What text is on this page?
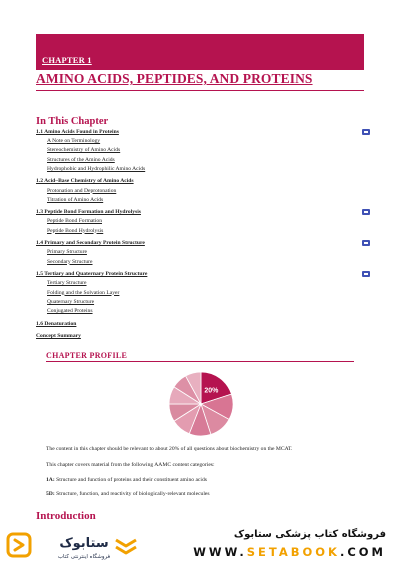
CHAPTER 1
AMINO ACIDS, PEPTIDES, AND PROTEINS
In This Chapter
1.1 Amino Acids Found in Proteins
A Note on Terminology
Stereochemistry of Amino Acids
Structures of the Amino Acids
Hydrophobic and Hydrophilic Amino Acids
1.2 Acid–Base Chemistry of Amino Acids
Protonation and Deprotonation
Titration of Amino Acids
1.3 Peptide Bond Formation and Hydrolysis
Peptide Bond Formation
Peptide Bond Hydrolysis
1.4 Primary and Secondary Protein Structure
Primary Structure
Secondary Structure
1.5 Tertiary and Quaternary Protein Structure
Tertiary Structure
Folding and the Solvation Layer
Quaternary Structure
Conjugated Proteins
1.6 Denaturation
Concept Summary
CHAPTER PROFILE
20%
The content in this chapter should be relevant to about 20% of all questions about biochemistry on the MCAT.
This chapter covers material from the following AAMC content categories:
1A: Structure and function of proteins and their constituent amino acids
5D: Structure, function, and reactivity of biologically-relevant molecules
Introduction
ستابوک
فروشگاه اینترنتی کتاب
فروشگاه کتاب پزشکی ستابوک
WWW.SETABOOK.COM
